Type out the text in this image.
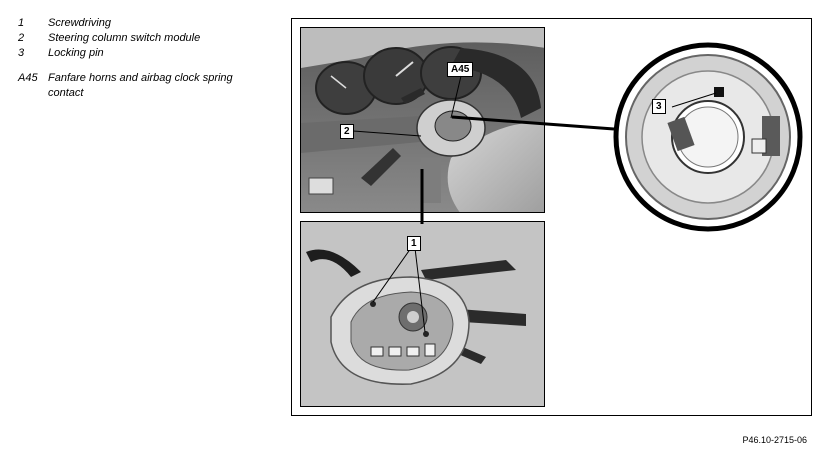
1	Screwdriving
2	Steering column switch module
3	Locking pin
A45 Fanfare horns and airbag clock spring contact
A45
2
1
3
P46.10-2715-06
